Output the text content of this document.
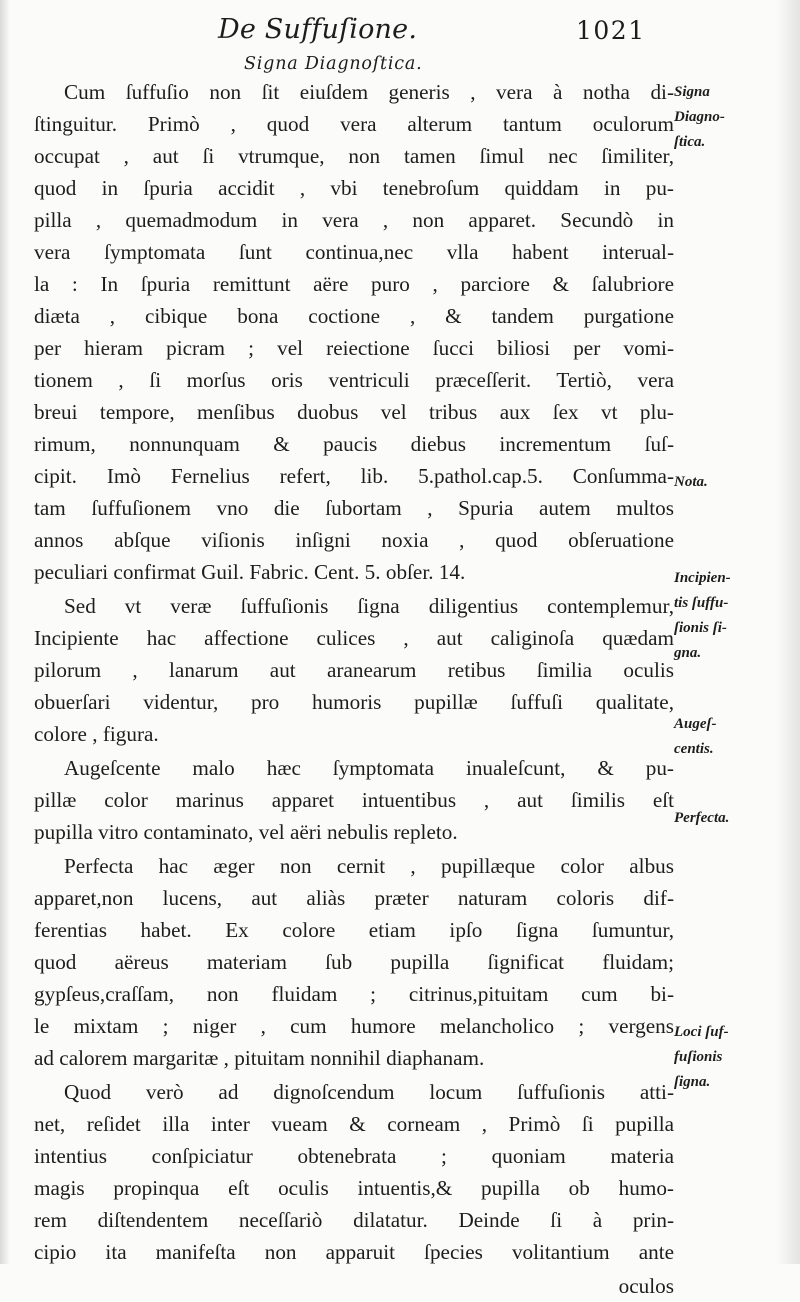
De Suffuſione.	1021
Signa Diagnoſtica.
Cum ſuffuſio non ſit eiuſdem generis , vera à notha di-
ſtinguitur. Primò , quod vera alterum tantum oculorum
occupat , aut ſi vtrumque, non tamen ſimul nec ſimiliter,
quod in ſpuria accidit , vbi tenebroſum quiddam in pu-
pilla , quemadmodum in vera , non apparet. Secundò in
vera ſymptomata ſunt continua,nec vlla habent interual-
la : In ſpuria remittunt aëre puro , parciore & ſalubriore
diæta , cibique bona coctione , & tandem purgatione
per hieram picram ; vel reiectione ſucci biliosi per vomi-
tionem , ſi morſus oris ventriculi præceſſerit. Tertiò, vera
breui tempore, menſibus duobus vel tribus aux ſex vt plu-
rimum, nonnunquam & paucis diebus incrementum ſuſ-
cipit. Imò Fernelius refert, lib. 5.pathol.cap.5. Conſumma-
tam ſuffuſionem vno die ſubortam , Spuria autem multos
annos abſque viſionis inſigni noxia , quod obſeruatione
peculiari confirmat Guil. Fabric. Cent. 5. obſer. 14.
Sed vt veræ ſuffuſionis ſigna diligentius contemplemur,
Incipiente hac affectione culices , aut caliginoſa quædam
pilorum , lanarum aut aranearum retibus ſimilia oculis
obuerſari videntur, pro humoris pupillæ ſuffuſi qualitate,
colore , figura.
Augeſcente malo hæc ſymptomata inualeſcunt, & pu-
pillæ color marinus apparet intuentibus , aut ſimilis eſt
pupilla vitro contaminato, vel aëri nebulis repleto.
Perfecta hac æger non cernit , pupillæque color albus
apparet,non lucens, aut aliàs præter naturam coloris dif-
ferentias habet. Ex colore etiam ipſo ſigna ſumuntur,
quod aëreus materiam ſub pupilla ſignificat fluidam;
gypſeus,craſſam, non fluidam ; citrinus,pituitam cum bi-
le mixtam ; niger , cum humore melancholico ; vergens
ad calorem margaritæ , pituitam nonnihil diaphanam.
Quod verò ad dignoſcendum locum ſuffuſionis atti-
net, reſidet illa inter vueam & corneam , Primò ſi pupilla
intentius conſpiciatur obtenebrata ; quoniam materia
magis propinqua eſt oculis intuentis,& pupilla ob humo-
rem diſtendentem neceſſariò dilatatur. Deinde ſi à prin-
cipio ita manifeſta non apparuit ſpecies volitantium ante
oculos
Signa
Diagno-
ſtica.
Nota.
Incipien-
tis ſuffu-
ſionis ſi-
gna.
Augeſ-
centis.
Perfecta.
Loci ſuf-
fuſionis
ſigna.
